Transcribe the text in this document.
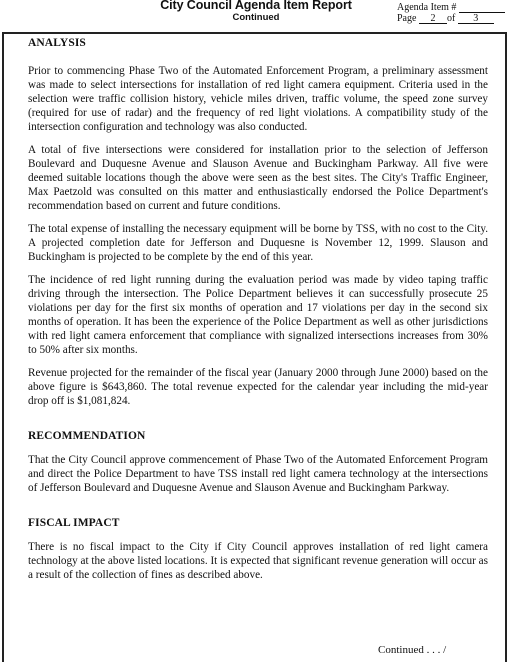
City Council Agenda Item Report
Continued
Agenda Item #
Page 2 of 3

ANALYSIS

Prior to commencing Phase Two of the Automated Enforcement Program, a preliminary assessment was made to select intersections for installation of red light camera equipment. Criteria used in the selection were traffic collision history, vehicle miles driven, traffic volume, the speed zone survey (required for use of radar) and the frequency of red light violations. A compatibility study of the intersection configuration and technology was also conducted.

A total of five intersections were considered for installation prior to the selection of Jefferson Boulevard and Duquesne Avenue and Slauson Avenue and Buckingham Parkway. All five were deemed suitable locations though the above were seen as the best sites. The City's Traffic Engineer, Max Paetzold was consulted on this matter and enthusiastically endorsed the Police Department's recommendation based on current and future conditions.

The total expense of installing the necessary equipment will be borne by TSS, with no cost to the City. A projected completion date for Jefferson and Duquesne is November 12, 1999. Slauson and Buckingham is projected to be complete by the end of this year.

The incidence of red light running during the evaluation period was made by video taping traffic driving through the intersection. The Police Department believes it can successfully prosecute 25 violations per day for the first six months of operation and 17 violations per day in the second six months of operation. It has been the experience of the Police Department as well as other jurisdictions with red light camera enforcement that compliance with signalized intersections increases from 30% to 50% after six months.

Revenue projected for the remainder of the fiscal year (January 2000 through June 2000) based on the above figure is $643,860. The total revenue expected for the calendar year including the mid-year drop off is $1,081,824.

RECOMMENDATION

That the City Council approve commencement of Phase Two of the Automated Enforcement Program and direct the Police Department to have TSS install red light camera technology at the intersections of Jefferson Boulevard and Duquesne Avenue and Slauson Avenue and Buckingham Parkway.

FISCAL IMPACT

There is no fiscal impact to the City if City Council approves installation of red light camera technology at the above listed locations. It is expected that significant revenue generation will occur as a result of the collection of fines as described above.

Continued . . . /
